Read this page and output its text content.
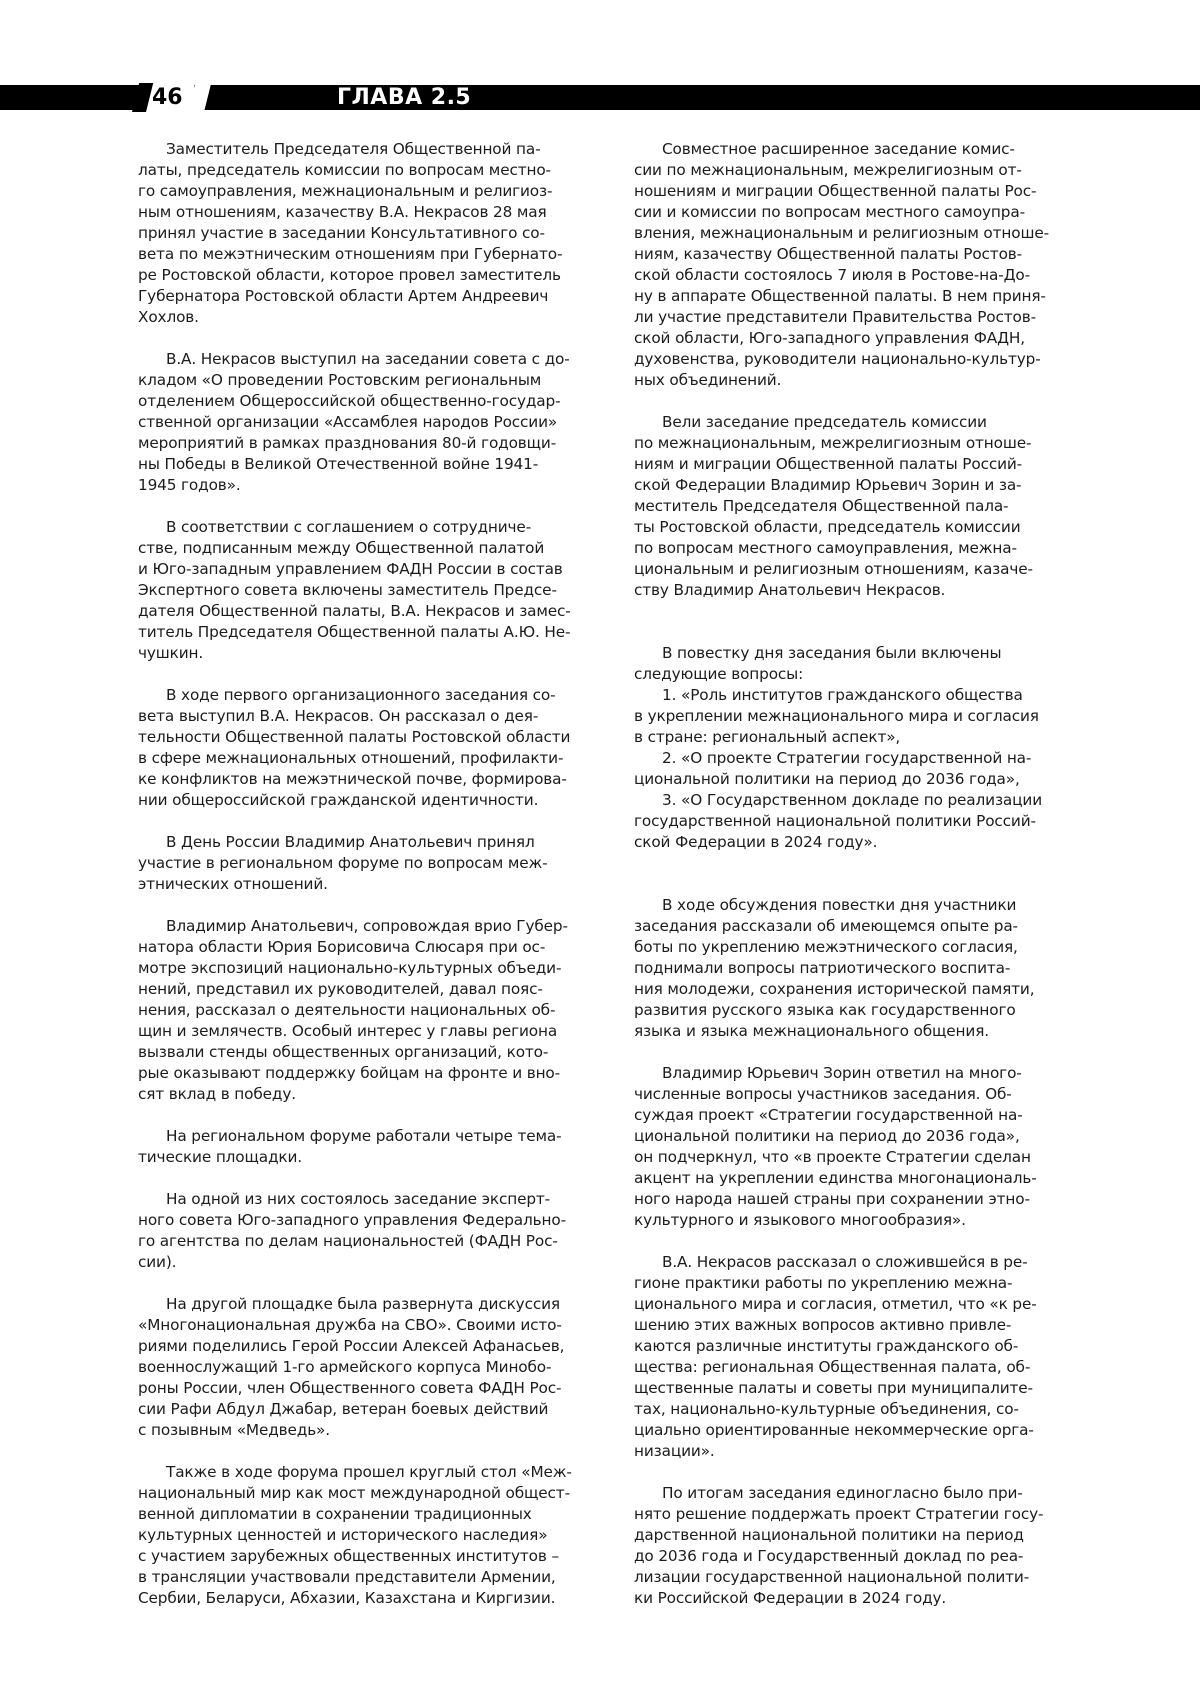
46	ГЛАВА 2.5

Заместитель Председателя Общественной па-
латы, председатель комиссии по вопросам местно-
го самоуправления, межнациональным и религиоз-
ным отношениям, казачеству В.А. Некрасов 28 мая
принял участие в заседании Консультативного со-
вета по межэтническим отношениям при Губернато-
ре Ростовской области, которое провел заместитель
Губернатора Ростовской области Артем Андреевич
Хохлов.

В.А. Некрасов выступил на заседании совета с до-
кладом «О проведении Ростовским региональным
отделением Общероссийской общественно-государ-
ственной организации «Ассамблея народов России»
мероприятий в рамках празднования 80-й годовщи-
ны Победы в Великой Отечественной войне 1941-
1945 годов».

В соответствии с соглашением о сотрудниче-
стве, подписанным между Общественной палатой
и Юго-западным управлением ФАДН России в состав
Экспертного совета включены заместитель Предсе-
дателя Общественной палаты, В.А. Некрасов и замес-
титель Председателя Общественной палаты А.Ю. Не-
чушкин.

В ходе первого организационного заседания со-
вета выступил В.А. Некрасов. Он рассказал о дея-
тельности Общественной палаты Ростовской области
в сфере межнациональных отношений, профилакти-
ке конфликтов на межэтнической почве, формирова-
нии общероссийской гражданской идентичности.

В День России Владимир Анатольевич принял
участие в региональном форуме по вопросам меж-
этнических отношений.

Владимир Анатольевич, сопровождая врио Губер-
натора области Юрия Борисовича Слюсаря при ос-
мотре экспозиций национально-культурных объеди-
нений, представил их руководителей, давал пояс-
нения, рассказал о деятельности национальных об-
щин и землячеств. Особый интерес у главы региона
вызвали стенды общественных организаций, кото-
рые оказывают поддержку бойцам на фронте и вно-
сят вклад в победу.

На региональном форуме работали четыре тема-
тические площадки.

На одной из них состоялось заседание эксперт-
ного совета Юго-западного управления Федерально-
го агентства по делам национальностей (ФАДН Рос-
сии).

На другой площадке была развернута дискуссия
«Многонациональная дружба на СВО». Своими исто-
риями поделились Герой России Алексей Афанасьев,
военнослужащий 1-го армейского корпуса Минобо-
роны России, член Общественного совета ФАДН Рос-
сии Рафи Абдул Джабар, ветеран боевых действий
с позывным «Медведь».

Также в ходе форума прошел круглый стол «Меж-
национальный мир как мост международной общест-
венной дипломатии в сохранении традиционных
культурных ценностей и исторического наследия»
с участием зарубежных общественных институтов –
в трансляции участвовали представители Армении,
Сербии, Беларуси, Абхазии, Казахстана и Киргизии.

Совместное расширенное заседание комис-
сии по межнациональным, межрелигиозным от-
ношениям и миграции Общественной палаты Рос-
сии и комиссии по вопросам местного самоупра-
вления, межнациональным и религиозным отноше-
ниям, казачеству Общественной палаты Ростов-
ской области состоялось 7 июля в Ростове-на-До-
ну в аппарате Общественной палаты. В нем приня-
ли участие представители Правительства Ростов-
ской области, Юго-западного управления ФАДН,
духовенства, руководители национально-культур-
ных объединений.

Вели заседание председатель комиссии
по межнациональным, межрелигиозным отноше-
ниям и миграции Общественной палаты Россий-
ской Федерации Владимир Юрьевич Зорин и за-
меститель Председателя Общественной пала-
ты Ростовской области, председатель комиссии
по вопросам местного самоуправления, межна-
циональным и религиозным отношениям, казаче-
ству Владимир Анатольевич Некрасов.

В повестку дня заседания были включены
следующие вопросы:

1. «Роль институтов гражданского общества
в укреплении межнационального мира и согласия
в стране: региональный аспект»,

2. «О проекте Стратегии государственной на-
циональной политики на период до 2036 года»,

3. «О Государственном докладе по реализации
государственной национальной политики Россий-
ской Федерации в 2024 году».

В ходе обсуждения повестки дня участники
заседания рассказали об имеющемся опыте ра-
боты по укреплению межэтнического согласия,
поднимали вопросы патриотического воспита-
ния молодежи, сохранения исторической памяти,
развития русского языка как государственного
языка и языка межнационального общения.

Владимир Юрьевич Зорин ответил на много-
численные вопросы участников заседания. Об-
суждая проект «Стратегии государственной на-
циональной политики на период до 2036 года»,
он подчеркнул, что «в проекте Стратегии сделан
акцент на укреплении единства многонациональ-
ного народа нашей страны при сохранении этно-
культурного и языкового многообразия».

В.А. Некрасов рассказал о сложившейся в ре-
гионе практики работы по укреплению межна-
ционального мира и согласия, отметил, что «к ре-
шению этих важных вопросов активно привле-
каются различные институты гражданского об-
щества: региональная Общественная палата, об-
щественные палаты и советы при муниципалите-
тах, национально-культурные объединения, со-
циально ориентированные некоммерческие орга-
низации».

По итогам заседания единогласно было при-
нято решение поддержать проект Стратегии госу-
дарственной национальной политики на период
до 2036 года и Государственный доклад по реа-
лизации государственной национальной полити-
ки Российской Федерации в 2024 году.
